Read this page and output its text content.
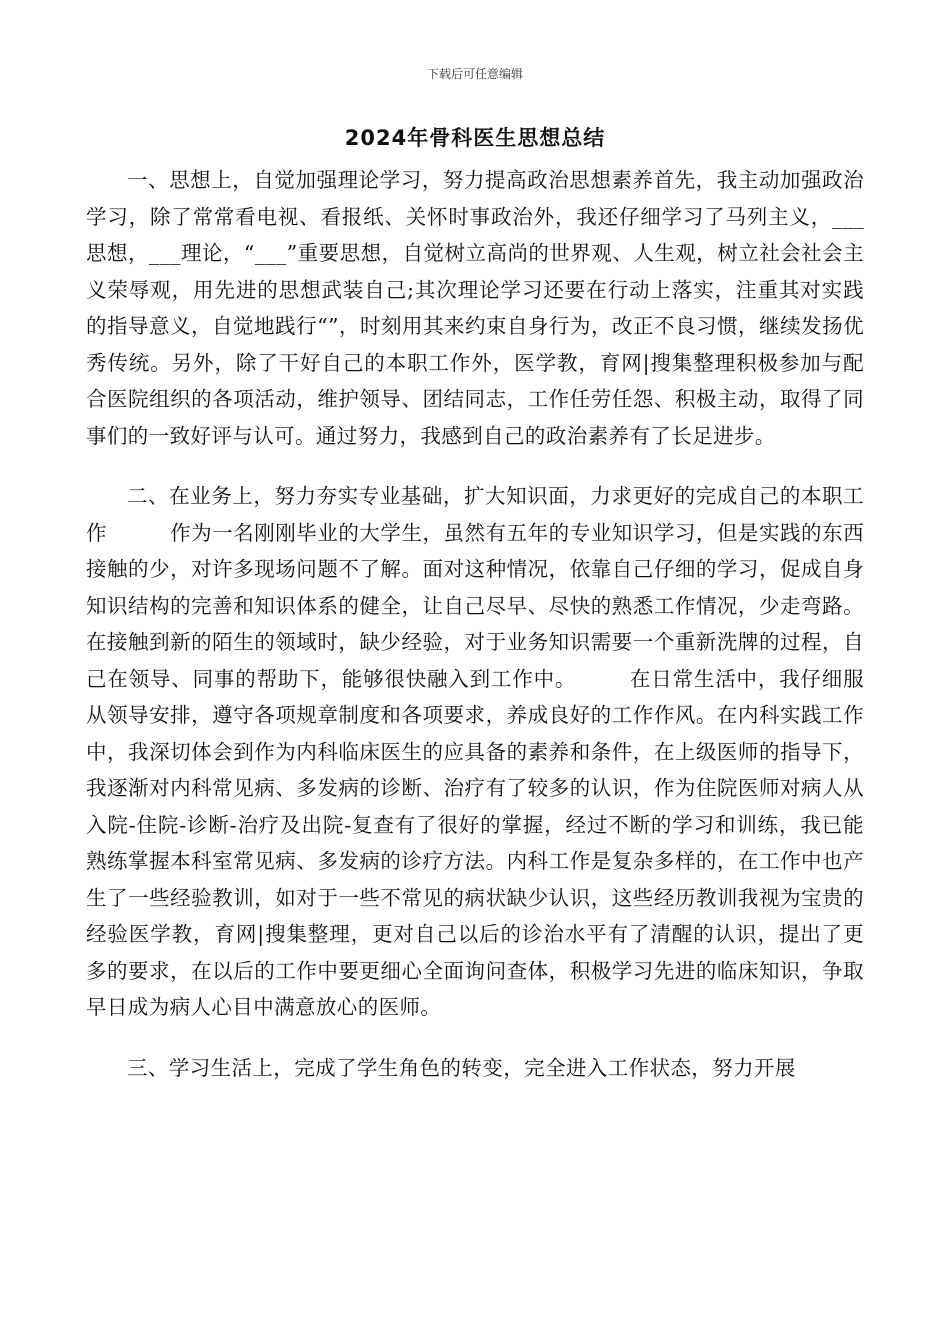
下载后可任意编辑
2024年骨科医生思想总结

一、思想上，自觉加强理论学习，努力提高政治思想素养首先，我主动加强政治学习，除了常常看电视、看报纸、关怀时事政治外，我还仔细学习了马列主义，___思想，___理论，“___”重要思想，自觉树立高尚的世界观、人生观，树立社会社会主义荣辱观，用先进的思想武装自己;其次理论学习还要在行动上落实，注重其对实践的指导意义，自觉地践行“”，时刻用其来约束自身行为，改正不良习惯，继续发扬优秀传统。另外，除了干好自己的本职工作外，医学教，育网|搜集整理积极参加与配合医院组织的各项活动，维护领导、团结同志，工作任劳任怨、积极主动，取得了同事们的一致好评与认可。通过努力，我感到自己的政治素养有了长足进步。

二、在业务上，努力夯实专业基础，扩大知识面，力求更好的完成自己的本职工作　　　作为一名刚刚毕业的大学生，虽然有五年的专业知识学习，但是实践的东西接触的少，对许多现场问题不了解。面对这种情况，依靠自己仔细的学习，促成自身知识结构的完善和知识体系的健全，让自己尽早、尽快的熟悉工作情况，少走弯路。在接触到新的陌生的领域时，缺少经验，对于业务知识需要一个重新洗牌的过程，自己在领导、同事的帮助下，能够很快融入到工作中。　　　在日常生活中，我仔细服从领导安排，遵守各项规章制度和各项要求，养成良好的工作作风。在内科实践工作中，我深切体会到作为内科临床医生的应具备的素养和条件，在上级医师的指导下，我逐渐对内科常见病、多发病的诊断、治疗有了较多的认识，作为住院医师对病人从入院-住院-诊断-治疗及出院-复查有了很好的掌握，经过不断的学习和训练，我已能熟练掌握本科室常见病、多发病的诊疗方法。内科工作是复杂多样的，在工作中也产生了一些经验教训，如对于一些不常见的病状缺少认识，这些经历教训我视为宝贵的经验医学教，育网|搜集整理，更对自己以后的诊治水平有了清醒的认识，提出了更多的要求，在以后的工作中要更细心全面询问查体，积极学习先进的临床知识，争取早日成为病人心目中满意放心的医师。

三、学习生活上，完成了学生角色的转变，完全进入工作状态，努力开展
